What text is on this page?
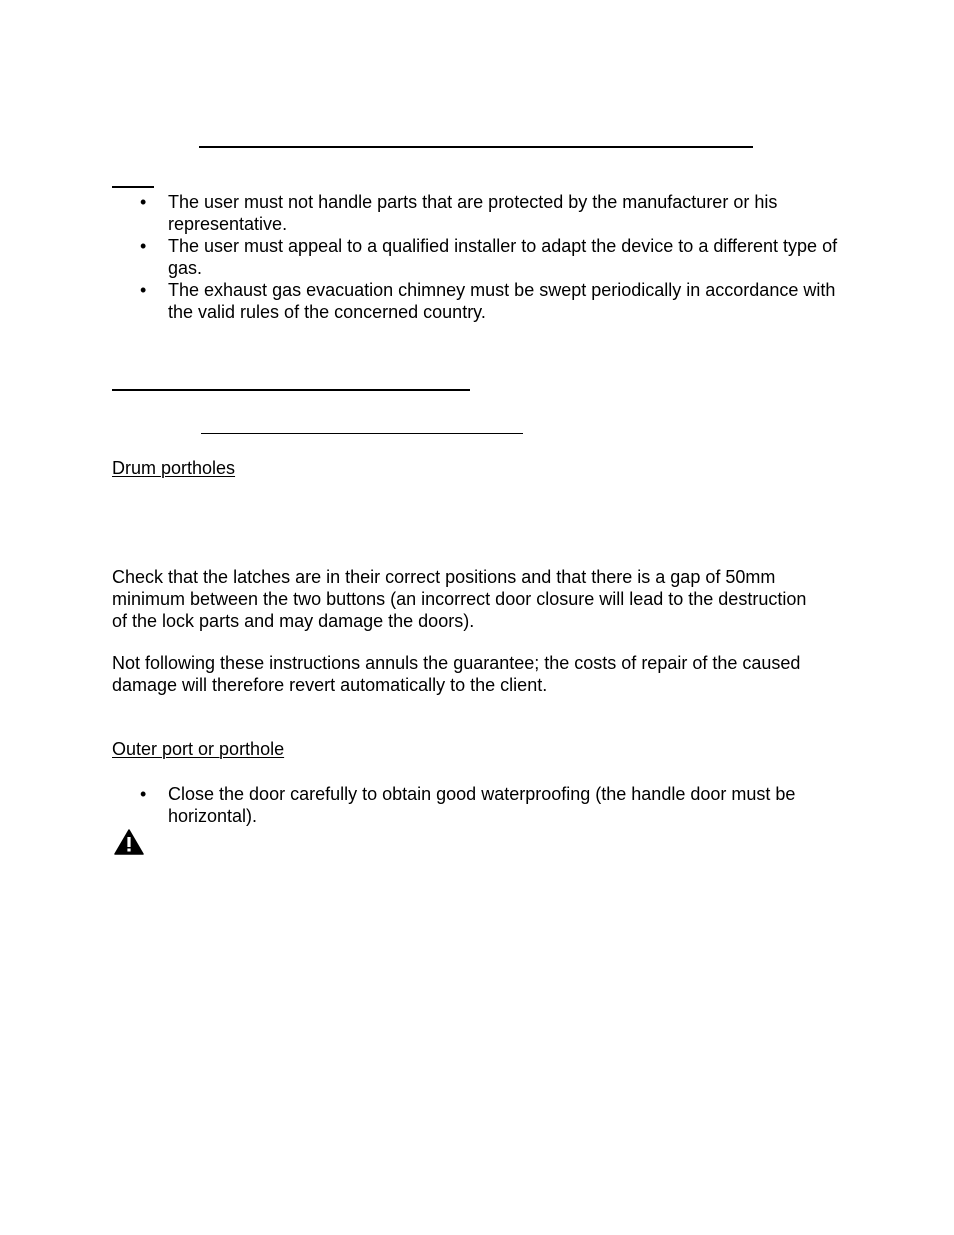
• The user must not handle parts that are protected by the manufacturer or his representative.
• The user must appeal to a qualified installer to adapt the device to a different type of gas.
• The exhaust gas evacuation chimney must be swept periodically in accordance with the valid rules of the concerned country.
Drum portholes
Check that the latches are in their correct positions and that there is a gap of 50mm
minimum between the two buttons (an incorrect door closure will lead to the destruction
of the lock parts and may damage the doors).
Not following these instructions annuls the guarantee; the costs of repair of the caused
damage will therefore revert automatically to the client.
Outer port or porthole
• Close the door carefully to obtain good waterproofing (the handle door must be horizontal).
